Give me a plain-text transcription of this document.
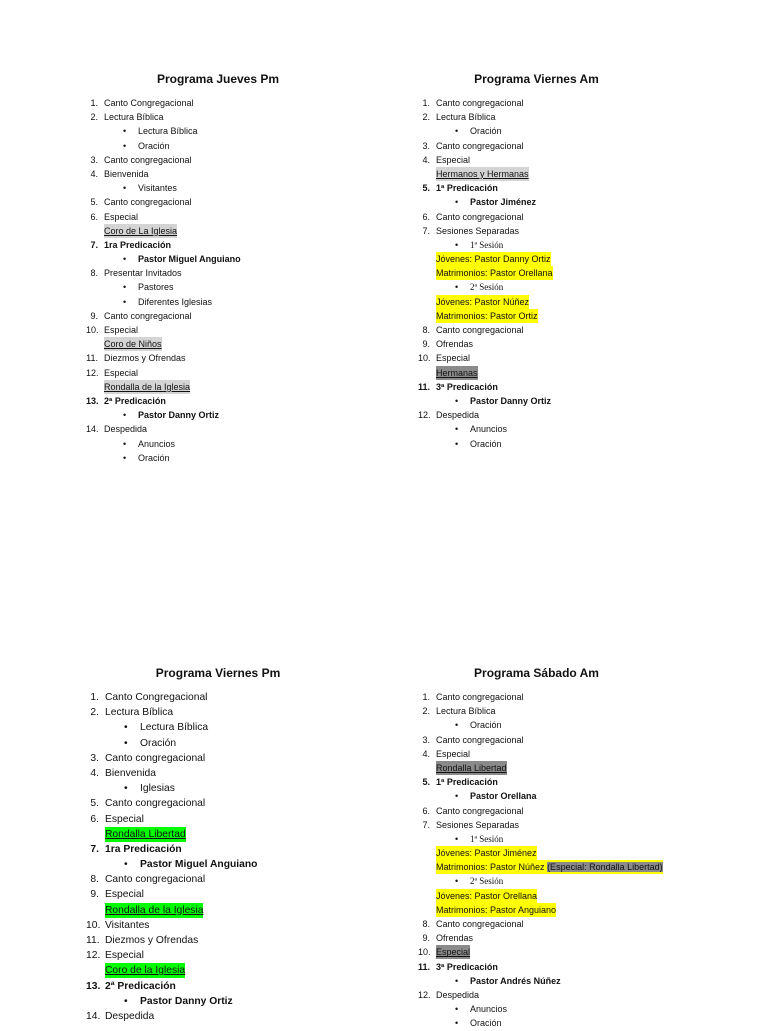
Programa Jueves Pm
1. Canto Congregacional
2. Lectura Bíblica
•
Lectura Bíblica
•
Oración
3. Canto congregacional
4. Bienvenida
•
Visitantes
5. Canto congregacional
6. Especial
Coro de La Iglesia
7. 1ra Predicación
•
Pastor Miguel Anguiano
8. Presentar Invitados
•
Pastores
•
Diferentes Iglesias
9. Canto congregacional
10. Especial
Coro de Niños
11. Diezmos y Ofrendas
12. Especial
Rondalla de la Iglesia
13. 2ª Predicación
•
Pastor Danny Ortiz
14. Despedida
•
Anuncios
•
Oración
Programa Viernes Am
1. Canto congregacional
2. Lectura Bíblica
•
Oración
3. Canto congregacional
4. Especial
Hermanos y Hermanas
5. 1ª Predicación
•
Pastor Jiménez
6. Canto congregacional
7. Sesiones Separadas
•
1ª Sesión
Jóvenes: Pastor Danny Ortiz
Matrimonios: Pastor Orellana
•
2ª Sesión
Jóvenes: Pastor Núñez
Matrimonios: Pastor Ortiz
8. Canto congregacional
9. Ofrendas
10. Especial
Hermanas
11. 3ª Predicación
•
Pastor Danny Ortiz
12. Despedida
•
Anuncios
•
Oración
Programa Viernes Pm
1. Canto Congregacional
2. Lectura Bíblica
•
Lectura Bíblica
•
Oración
3. Canto congregacional
4. Bienvenida
•
Iglesias
5. Canto congregacional
6. Especial
Rondalla Libertad
7. 1ra Predicación
•
Pastor Miguel Anguiano
8. Canto congregacional
9. Especial
Rondalla de la Iglesia
10. Visitantes
11. Diezmos y Ofrendas
12. Especial
Coro de la Iglesia
13. 2ª Predicación
•
Pastor Danny Ortiz
14. Despedida
Programa Sábado Am
1. Canto congregacional
2. Lectura Bíblica
•
Oración
3. Canto congregacional
4. Especial
Rondalla Libertad
5. 1ª Predicación
•
Pastor Orellana
6. Canto congregacional
7. Sesiones Separadas
•
1ª Sesión
Jóvenes: Pastor Jiménez
Matrimonios: Pastor Núñez (Especial: Rondalla Libertad)
•
2ª Sesión
Jóvenes: Pastor Orellana
Matrimonios: Pastor Anguiano
8. Canto congregacional
9. Ofrendas
10. Especial
11. 3ª Predicación
•
Pastor Andrés Núñez
12. Despedida
•
Anuncios
•
Oración
